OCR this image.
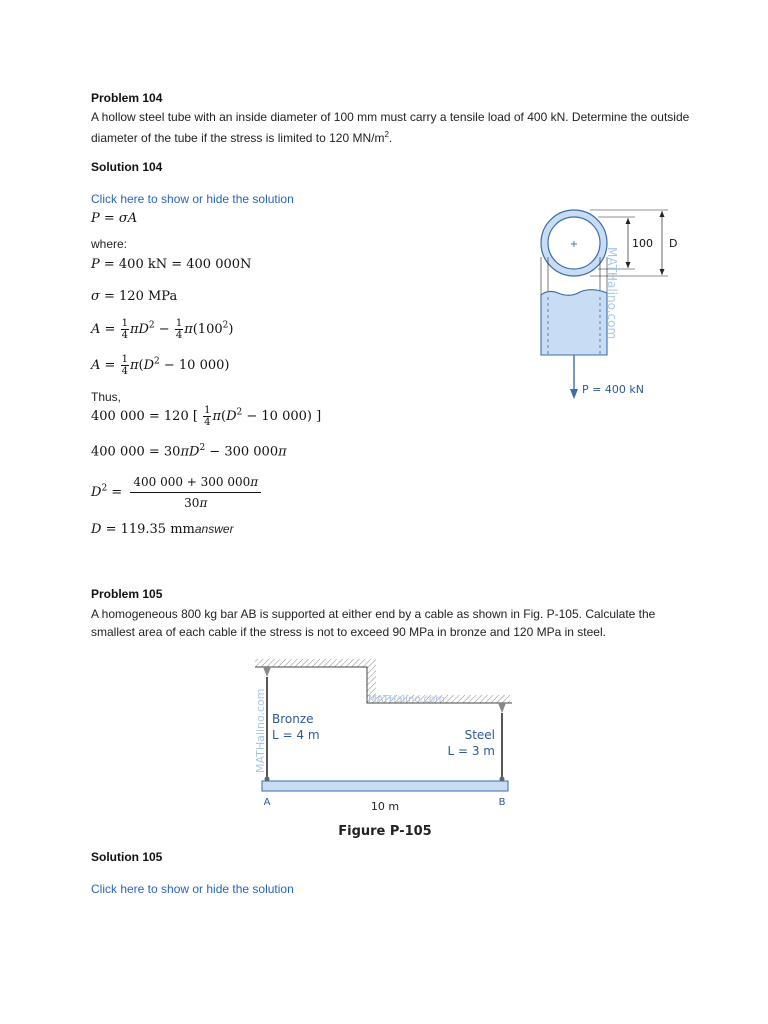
Problem 104
A hollow steel tube with an inside diameter of 100 mm must carry a tensile load of 400 kN. Determine the outside diameter of the tube if the stress is limited to 120 $MN/m^2$.
Solution 104
Click here to show or hide the solution
P = σA
where:
P = 400 kN = 400 000N
σ = 120 MPa
$A = \frac{1}{4} \pi D^2 - \frac{1}{4} \pi(100^2)$
$A = \frac{1}{4} \pi(D^2 - 10$ 000)
Thus,
400 000 = 120 [ $\frac{1}{4} \pi(D^2 - 10$ 000) ]
400 $000 = 30\pi D^2 - 300$ 000π
$D^2 = \frac{400 000 + 300 000\pi}{30\pi}$
D = 119.35 mmanswer
+	100 D
MATHalino.com
P = 400 kN
Problem 105
A homogeneous 800 kg bar AB is supported at either end by a cable as shown in Fig. P-105. Calculate the smallest area of each cable if the stress is not to exceed 90 MPa in bronze and 120 MPa in steel.
MATHalino.com	MATHalino.com
Bronze
L = 4 m	Steel
L = 3 m
A	B
10 m
Figure P-105
Solution 105
Click here to show or hide the solution
